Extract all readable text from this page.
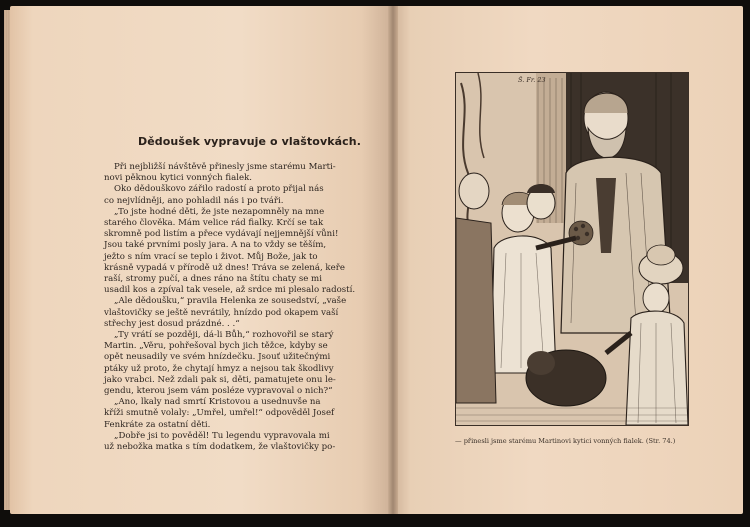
Dědoušek vypravuje o vlaštovkách.

Při nejbližší návštěvě přinesly jsme starému Marti-

novi pěknou kytici vonných fialek.

Oko dědouškovo zářilo radostí a proto přijal nás

co nejvlídněji, ano pohladil nás i po tváři.

„To jste hodné děti, že jste nezapomněly na mne

starého člověka. Mám velice rád fialky. Krčí se tak

skromně pod listím a přece vydávají nejjemnější vůni!

Jsou také prvními posly jara. A na to vždy se těším,

ježto s ním vrací se teplo i život. Můj Bože, jak to

krásně vypadá v přírodě už dnes! Tráva se zelená, keře

raší, stromy pučí, a dnes ráno na štítu chaty se mi

usadil kos a zpíval tak vesele, až srdce mi plesalo radostí.

„Ale dědoušku,“ pravila Helenka ze sousedství, „vaše

vlaštovičky se ještě nevrátily, hnízdo pod okapem vaší

střechy jest dosud prázdné. . .“

„Ty vrátí se později, dá-li Bůh,“ rozhovořil se starý

Martin. „Věru, pohřešoval bych jich těžce, kdyby se

opět neusadily ve svém hnízdečku. Jsouť užitečnými

ptáky už proto, že chytají hmyz a nejsou tak škodlivy

jako vrabci. Než zdali pak si, děti, pamatujete onu le-

gendu, kterou jsem vám posléze vypravoval o nich?“

„Ano, lkaly nad smrtí Kristovou a usednuvše na

kříži smutně volaly: „Umřel, umřel!“ odpověděl Josef

Fenkráte za ostatní děti.

„Dobře jsi to pověděl! Tu legendu vypravovala mi

už nebožka matka s tím dodatkem, že vlaštovičky po-

Š. Fr. 23
— přinesli jsme starému Martinovi kytici vonných fialek. (Str. 74.)
